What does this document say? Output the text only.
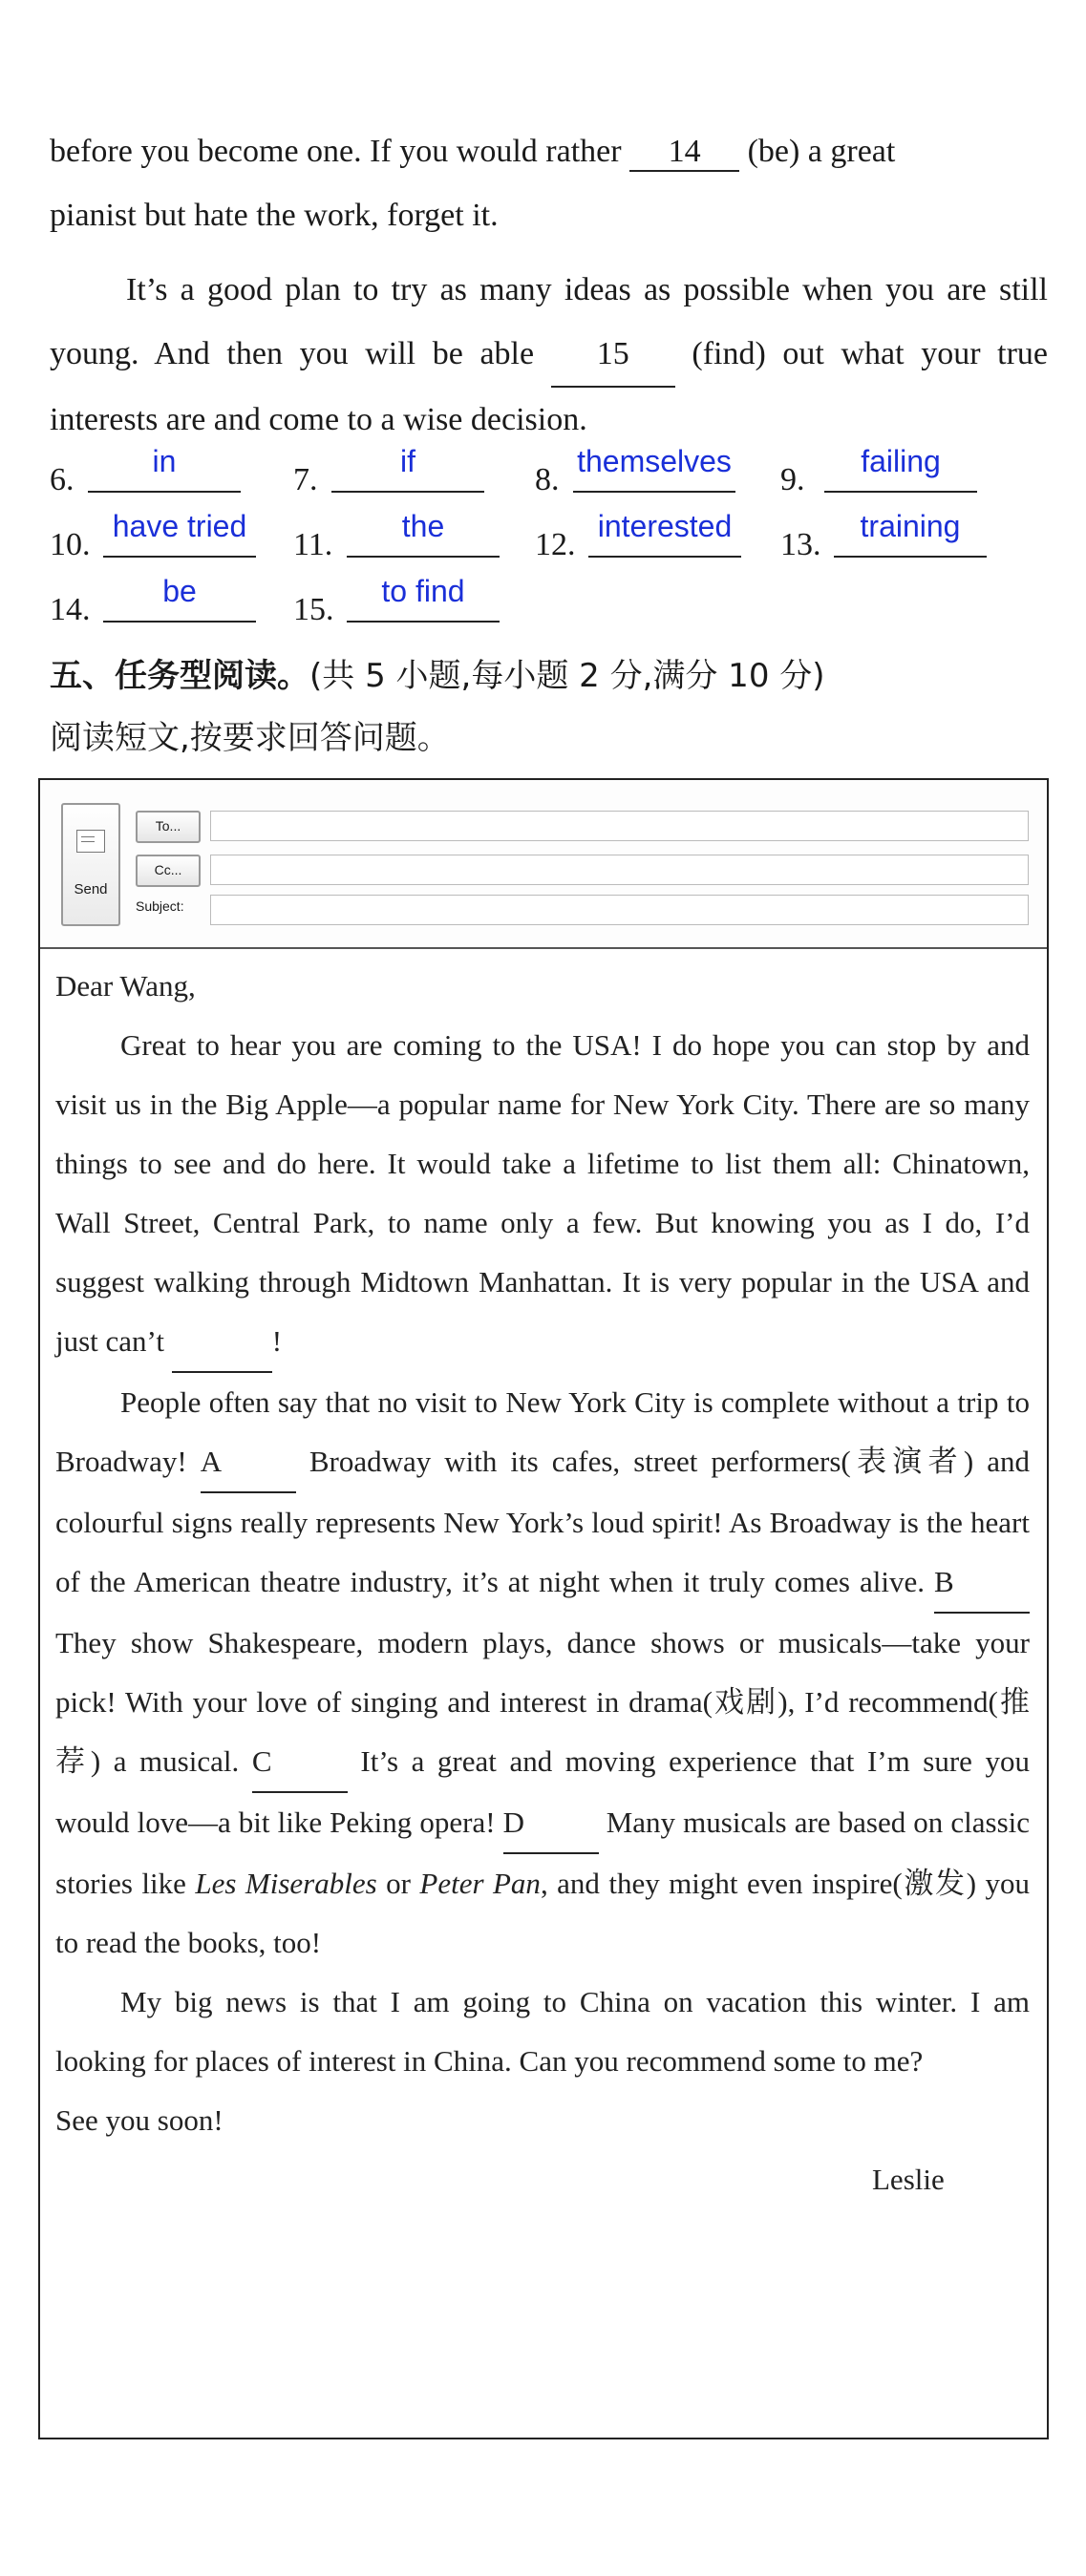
before you become one. If you would rather 14 (be) a great
pianist but hate the work, forget it.

It’s a good plan to try as many ideas as possible when you are still young. And then you will be able 15 (find) out what your true interests are and come to a wise decision.

6.
in
7.
if
8.
themselves
9.
failing
10.
have tried
11.
the
12.
interested
13.
training
14.
be
15.
to find
五、任务型阅读。(共 5 小题,每小题 2 分,满分 10 分)
阅读短文,按要求回答问题。
Send
To...
Cc...
Subject:

Dear Wang,

Great to hear you are coming to the USA! I do hope you can stop by and visit us in the Big Apple—a popular name for New York City. There are so many things to see and do here. It would take a lifetime to list them all: Chinatown, Wall Street, Central Park, to name only a few. But knowing you as I do, I’d suggest walking through Midtown Manhattan. It is very popular in the USA and just can’t	!

People often say that no visit to New York City is complete without a trip to Broadway! A	Broadway with its cafes, street performers(表演者) and colourful signs really represents New York’s loud spirit! As Broadway is the heart of the American theatre industry, it’s at night when it truly comes alive. B They show Shakespeare, modern plays, dance shows or musicals—take your pick! With your love of singing and interest in drama(戏剧), I’d recommend(推荐) a musical. C	It’s a great and moving experience that I’m sure you would love—a bit like Peking opera! D	Many musicals are based on classic stories like Les Miserables or Peter Pan, and they might even inspire(激发) you to read the books, too!

My big news is that I am going to China on vacation this winter. I am looking for places of interest in China. Can you recommend some to me?

See you soon!

Leslie
